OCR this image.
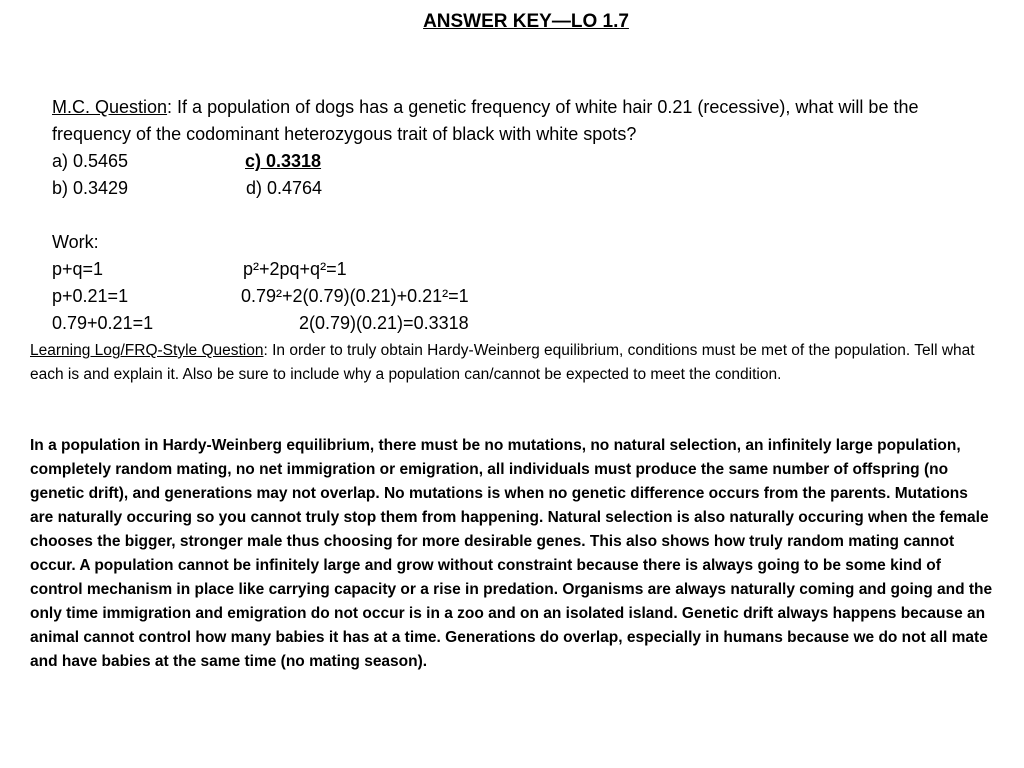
ANSWER KEY—LO 1.7

M.C. Question: If a population of dogs has a genetic frequency of white hair 0.21 (recessive), what will be the frequency of the codominant heterozygous trait of black with white spots?

a) 0.5465	c) 0.3318
b) 0.3429	d) 0.4764
Work:
p+q=1	p²+2pq+q²=1
p+0.21=1	0.79²+2(0.79)(0.21)+0.21²=1
0.79+0.21=1	2(0.79)(0.21)=0.3318

Learning Log/FRQ-Style Question: In order to truly obtain Hardy-Weinberg equilibrium, conditions must be met of the population. Tell what each is and explain it. Also be sure to include why a population can/cannot be expected to meet the condition.

In a population in Hardy-Weinberg equilibrium, there must be no mutations, no natural selection, an infinitely large population, completely random mating, no net immigration or emigration, all individuals must produce the same number of offspring (no genetic drift), and generations may not overlap. No mutations is when no genetic difference occurs from the parents. Mutations are naturally occuring so you cannot truly stop them from happening. Natural selection is also naturally occuring when the female chooses the bigger, stronger male thus choosing for more desirable genes. This also shows how truly random mating cannot occur. A population cannot be infinitely large and grow without constraint because there is always going to be some kind of control mechanism in place like carrying capacity or a rise in predation. Organisms are always naturally coming and going and the only time immigration and emigration do not occur is in a zoo and on an isolated island. Genetic drift always happens because an animal cannot control how many babies it has at a time. Generations do overlap, especially in humans because we do not all mate and have babies at the same time (no mating season).
